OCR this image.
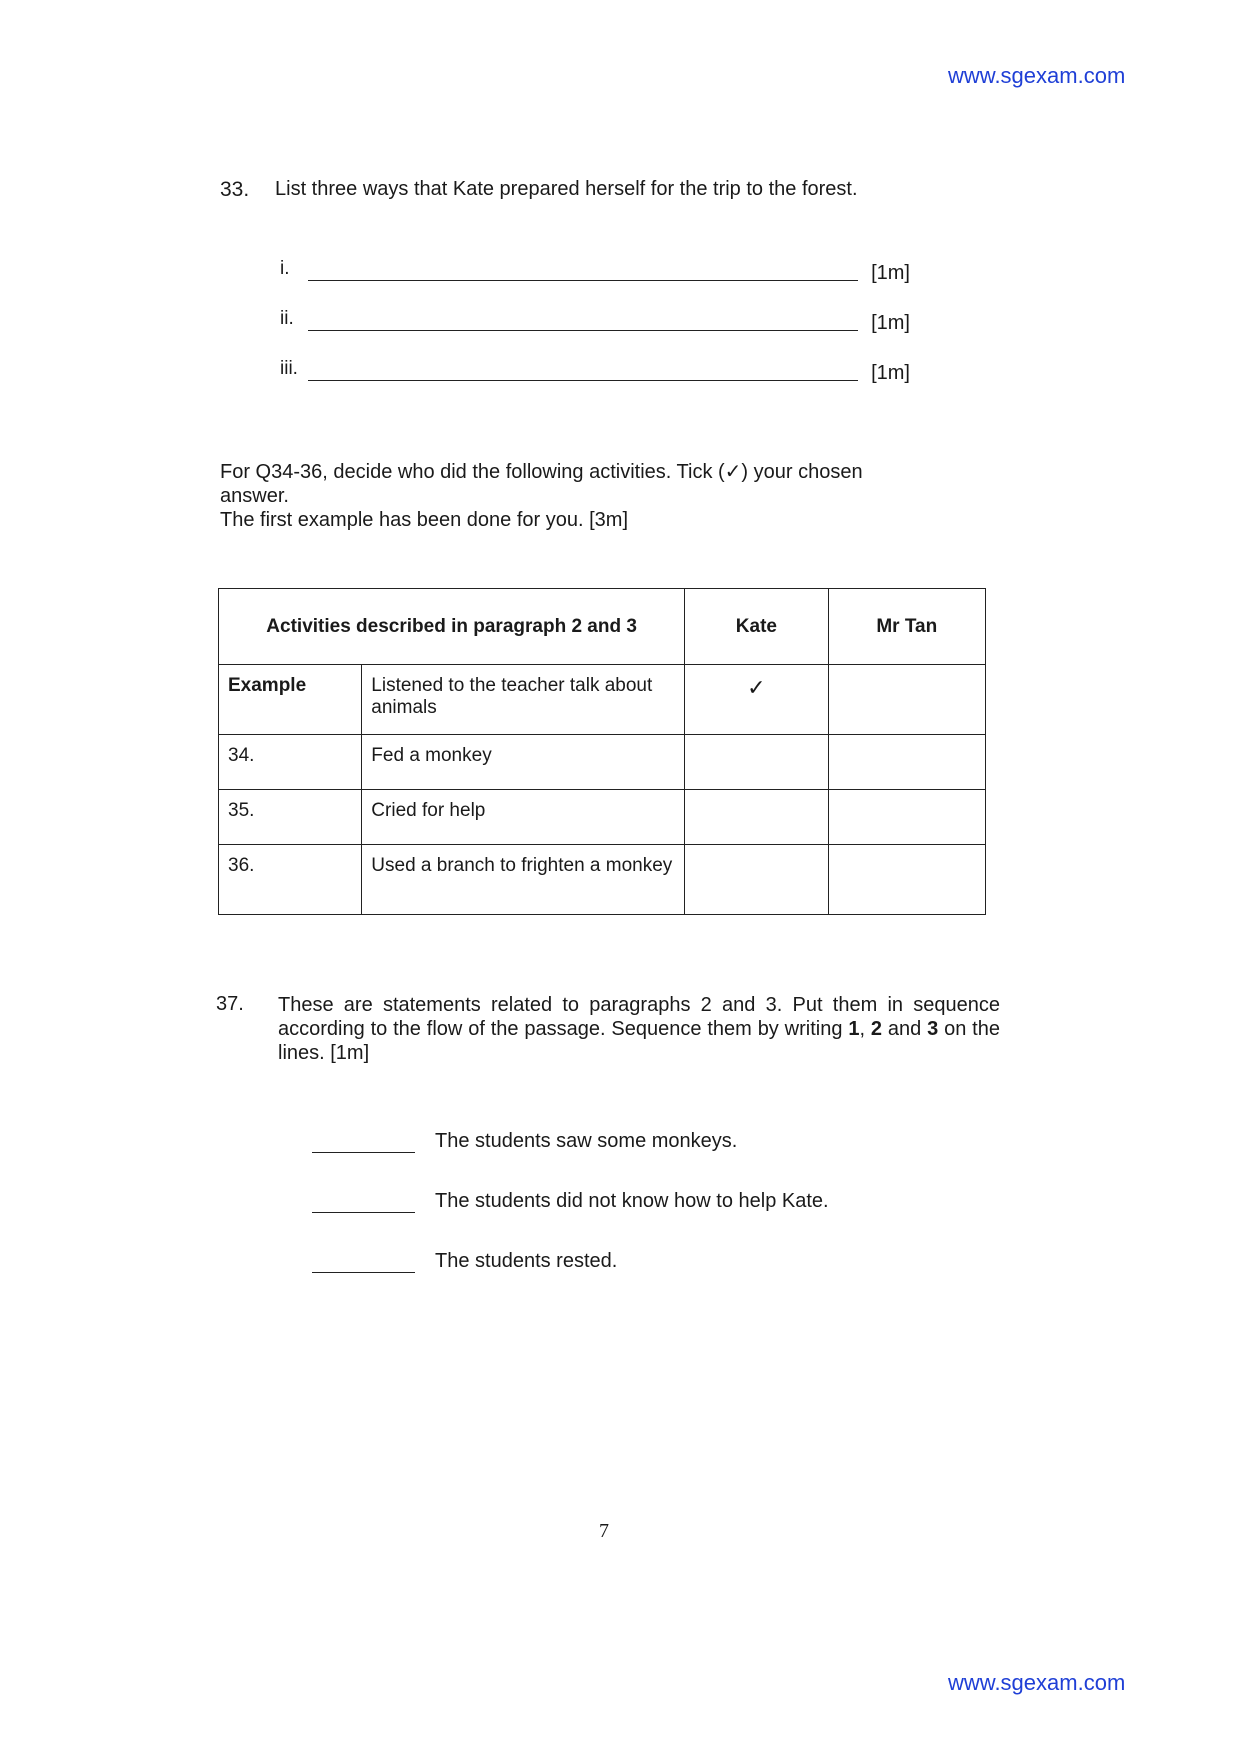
www.sgexam.com
33. List three ways that Kate prepared herself for the trip to the forest.
i.	[1m]
ii.	[1m]
iii.	[1m]
For Q34-36, decide who did the following activities. Tick (✓) your chosen answer.
The first example has been done for you. [3m]
Activities described in paragraph 2 and 3		Kate	Mr Tan
Example	Listened to the teacher talk about animals	✓	
34.	Fed a monkey		
35.	Cried for help		
36.	Used a branch to frighten a monkey		
37. These are statements related to paragraphs 2 and 3. Put them in sequence according to the flow of the passage. Sequence them by writing 1, 2 and 3 on the lines. [1m]
The students saw some monkeys.
The students did not know how to help Kate.
The students rested.
7
www.sgexam.com
